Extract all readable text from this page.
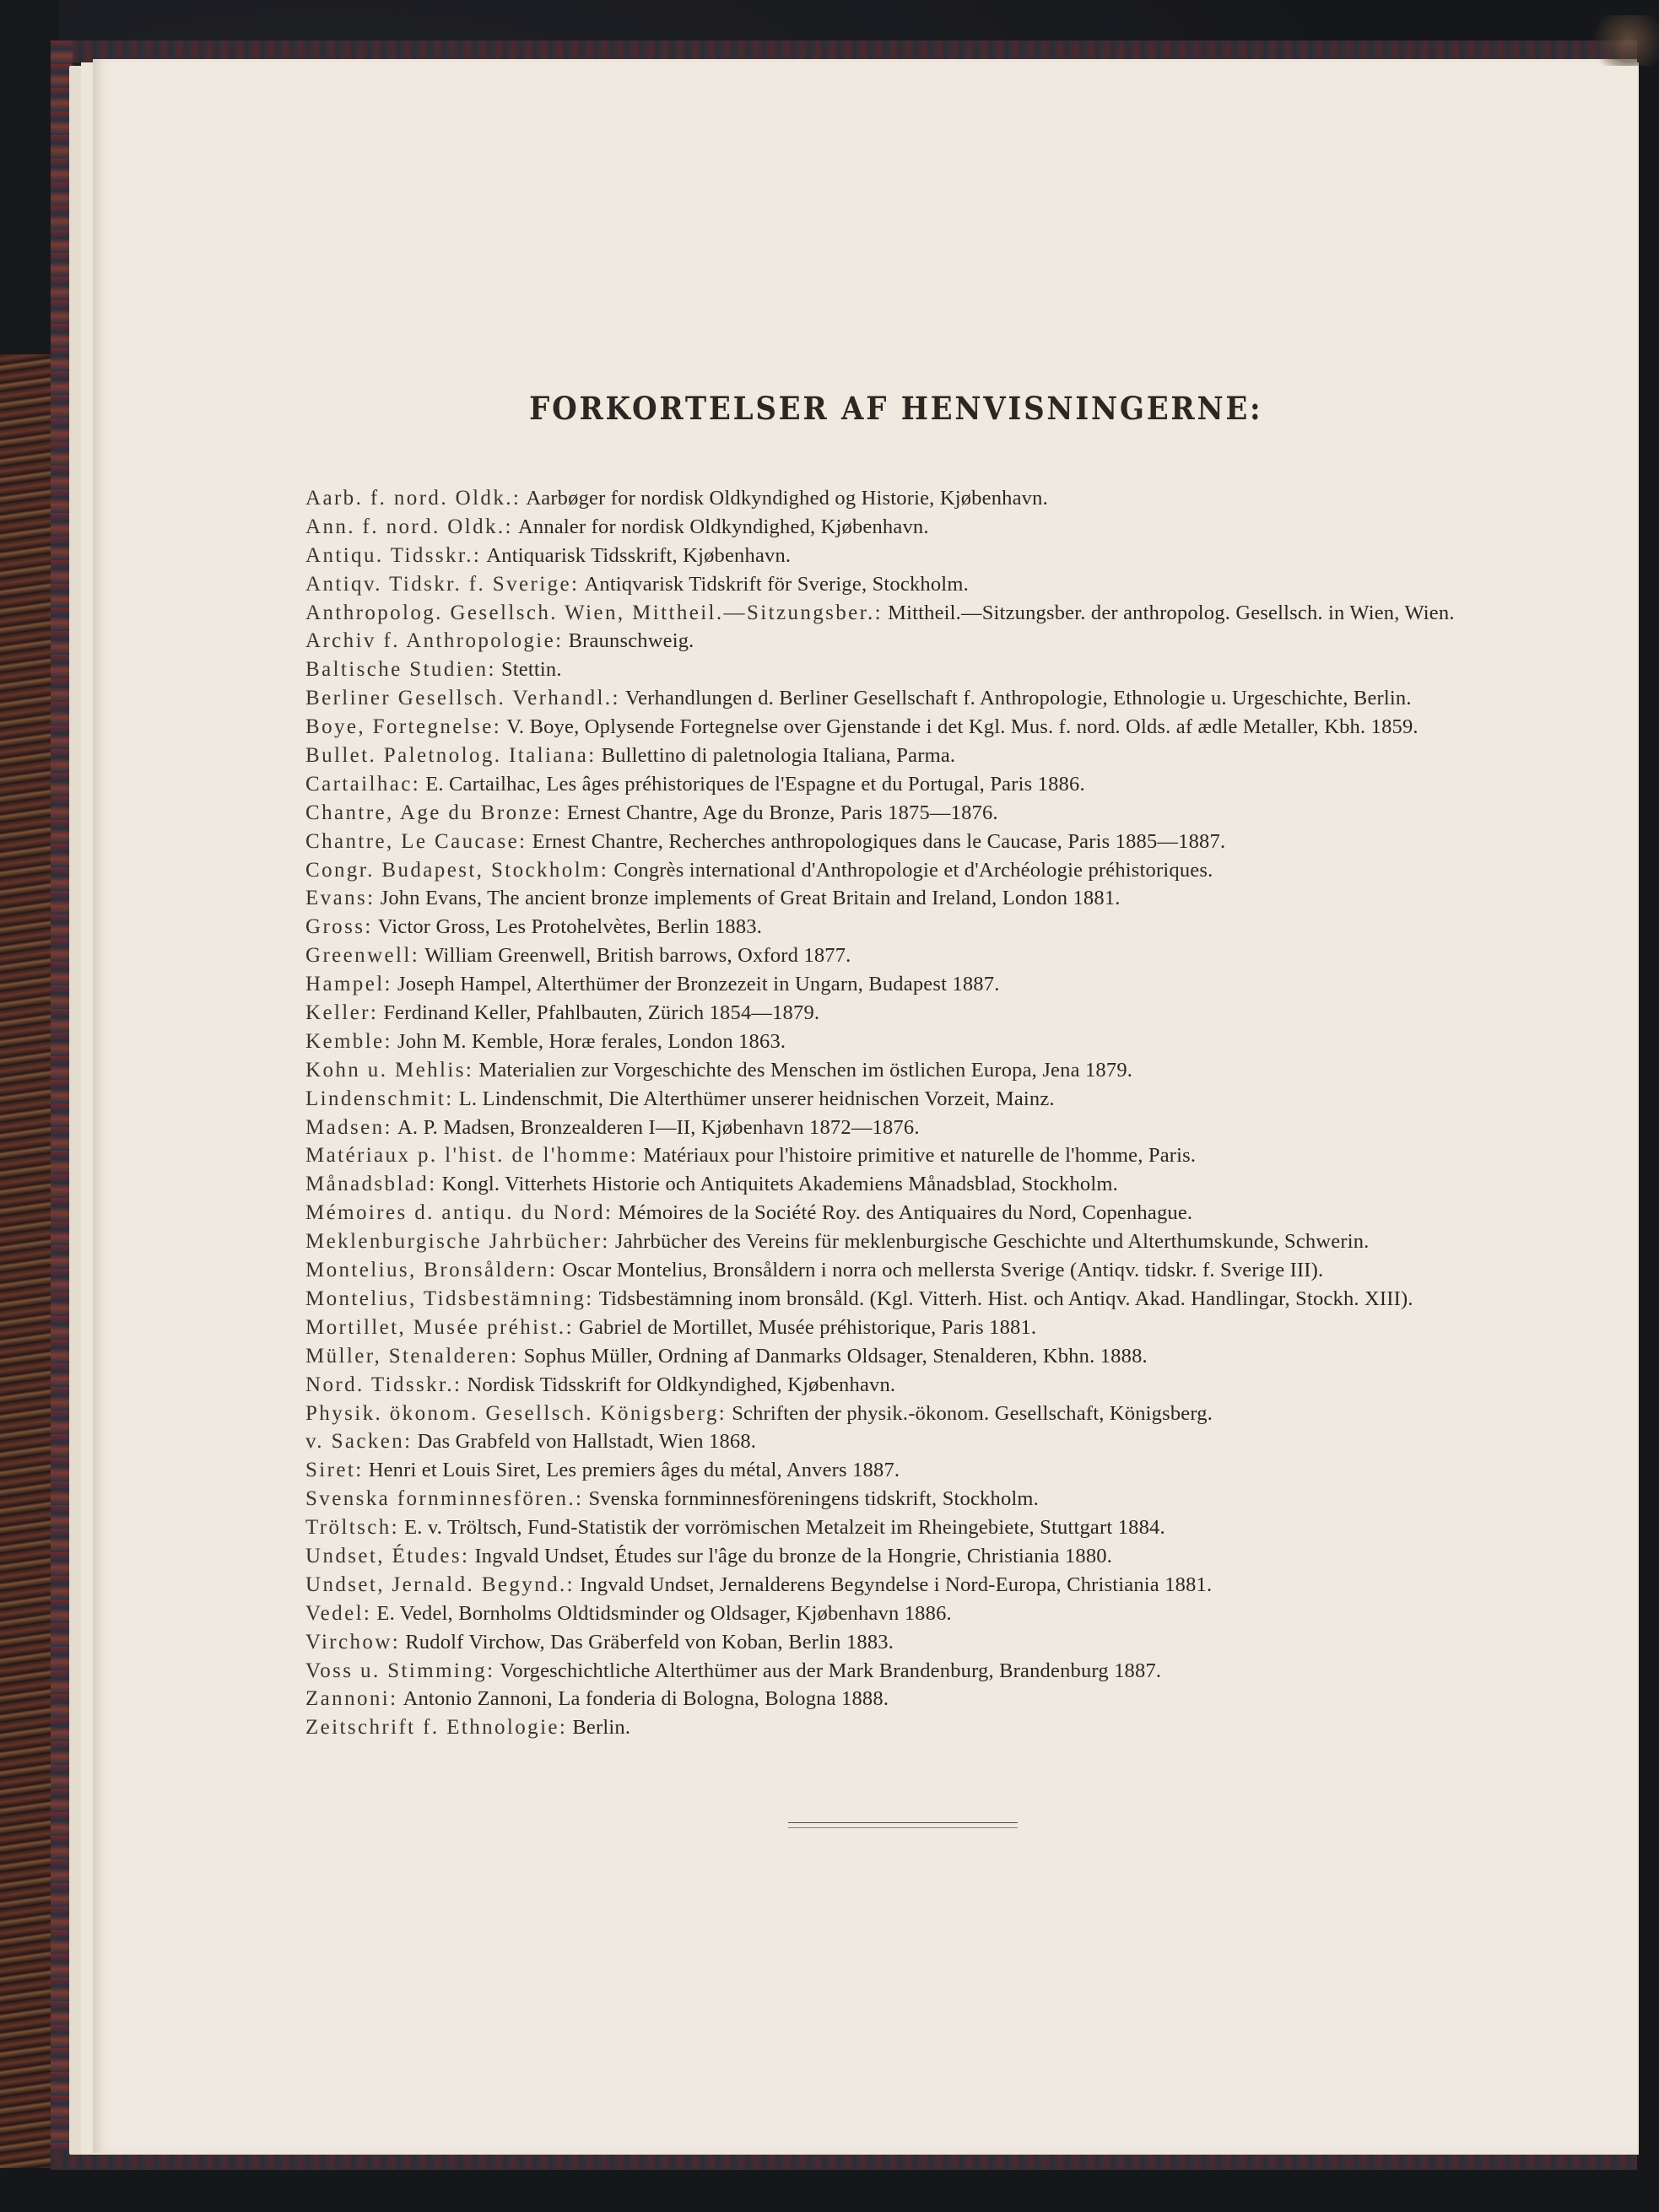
FORKORTELSER AF HENVISNINGERNE:
Aarb. f. nord. Oldk.: Aarbøger for nordisk Oldkyndighed og Historie, Kjøbenhavn.
Ann. f. nord. Oldk.: Annaler for nordisk Oldkyndighed, Kjøbenhavn.
Antiqu. Tidsskr.: Antiquarisk Tidsskrift, Kjøbenhavn.
Antiqv. Tidskr. f. Sverige: Antiqvarisk Tidskrift för Sverige, Stockholm.
Anthropolog. Gesellsch. Wien, Mittheil.—Sitzungsber.: Mittheil.—Sitzungsber. der anthropolog. Gesellsch. in Wien, Wien.
Archiv f. Anthropologie: Braunschweig.
Baltische Studien: Stettin.
Berliner Gesellsch. Verhandl.: Verhandlungen d. Berliner Gesellschaft f. Anthropologie, Ethnologie u. Urgeschichte, Berlin.
Boye, Fortegnelse: V. Boye, Oplysende Fortegnelse over Gjenstande i det Kgl. Mus. f. nord. Olds. af ædle Metaller, Kbh. 1859.
Bullet. Paletnolog. Italiana: Bullettino di paletnologia Italiana, Parma.
Cartailhac: E. Cartailhac, Les âges préhistoriques de l'Espagne et du Portugal, Paris 1886.
Chantre, Age du Bronze: Ernest Chantre, Age du Bronze, Paris 1875—1876.
Chantre, Le Caucase: Ernest Chantre, Recherches anthropologiques dans le Caucase, Paris 1885—1887.
Congr. Budapest, Stockholm: Congrès international d'Anthropologie et d'Archéologie préhistoriques.
Evans: John Evans, The ancient bronze implements of Great Britain and Ireland, London 1881.
Gross: Victor Gross, Les Protohelvètes, Berlin 1883.
Greenwell: William Greenwell, British barrows, Oxford 1877.
Hampel: Joseph Hampel, Alterthümer der Bronzezeit in Ungarn, Budapest 1887.
Keller: Ferdinand Keller, Pfahlbauten, Zürich 1854—1879.
Kemble: John M. Kemble, Horæ ferales, London 1863.
Kohn u. Mehlis: Materialien zur Vorgeschichte des Menschen im östlichen Europa, Jena 1879.
Lindenschmit: L. Lindenschmit, Die Alterthümer unserer heidnischen Vorzeit, Mainz.
Madsen: A. P. Madsen, Bronzealderen I—II, Kjøbenhavn 1872—1876.
Matériaux p. l'hist. de l'homme: Matériaux pour l'histoire primitive et naturelle de l'homme, Paris.
Månadsblad: Kongl. Vitterhets Historie och Antiquitets Akademiens Månadsblad, Stockholm.
Mémoires d. antiqu. du Nord: Mémoires de la Société Roy. des Antiquaires du Nord, Copenhague.
Meklenburgische Jahrbücher: Jahrbücher des Vereins für meklenburgische Geschichte und Alterthumskunde, Schwerin.
Montelius, Bronsåldern: Oscar Montelius, Bronsåldern i norra och mellersta Sverige (Antiqv. tidskr. f. Sverige III).
Montelius, Tidsbestämning: Tidsbestämning inom bronsåld. (Kgl. Vitterh. Hist. och Antiqv. Akad. Handlingar, Stockh. XIII).
Mortillet, Musée préhist.: Gabriel de Mortillet, Musée préhistorique, Paris 1881.
Müller, Stenalderen: Sophus Müller, Ordning af Danmarks Oldsager, Stenalderen, Kbhn. 1888.
Nord. Tidsskr.: Nordisk Tidsskrift for Oldkyndighed, Kjøbenhavn.
Physik. ökonom. Gesellsch. Königsberg: Schriften der physik.-ökonom. Gesellschaft, Königsberg.
v. Sacken: Das Grabfeld von Hallstadt, Wien 1868.
Siret: Henri et Louis Siret, Les premiers âges du métal, Anvers 1887.
Svenska fornminnesfören.: Svenska fornminnesföreningens tidskrift, Stockholm.
Tröltsch: E. v. Tröltsch, Fund-Statistik der vorrömischen Metalzeit im Rheingebiete, Stuttgart 1884.
Undset, Études: Ingvald Undset, Études sur l'âge du bronze de la Hongrie, Christiania 1880.
Undset, Jernald. Begynd.: Ingvald Undset, Jernalderens Begyndelse i Nord-Europa, Christiania 1881.
Vedel: E. Vedel, Bornholms Oldtidsminder og Oldsager, Kjøbenhavn 1886.
Virchow: Rudolf Virchow, Das Gräberfeld von Koban, Berlin 1883.
Voss u. Stimming: Vorgeschichtliche Alterthümer aus der Mark Brandenburg, Brandenburg 1887.
Zannoni: Antonio Zannoni, La fonderia di Bologna, Bologna 1888.
Zeitschrift f. Ethnologie: Berlin.
